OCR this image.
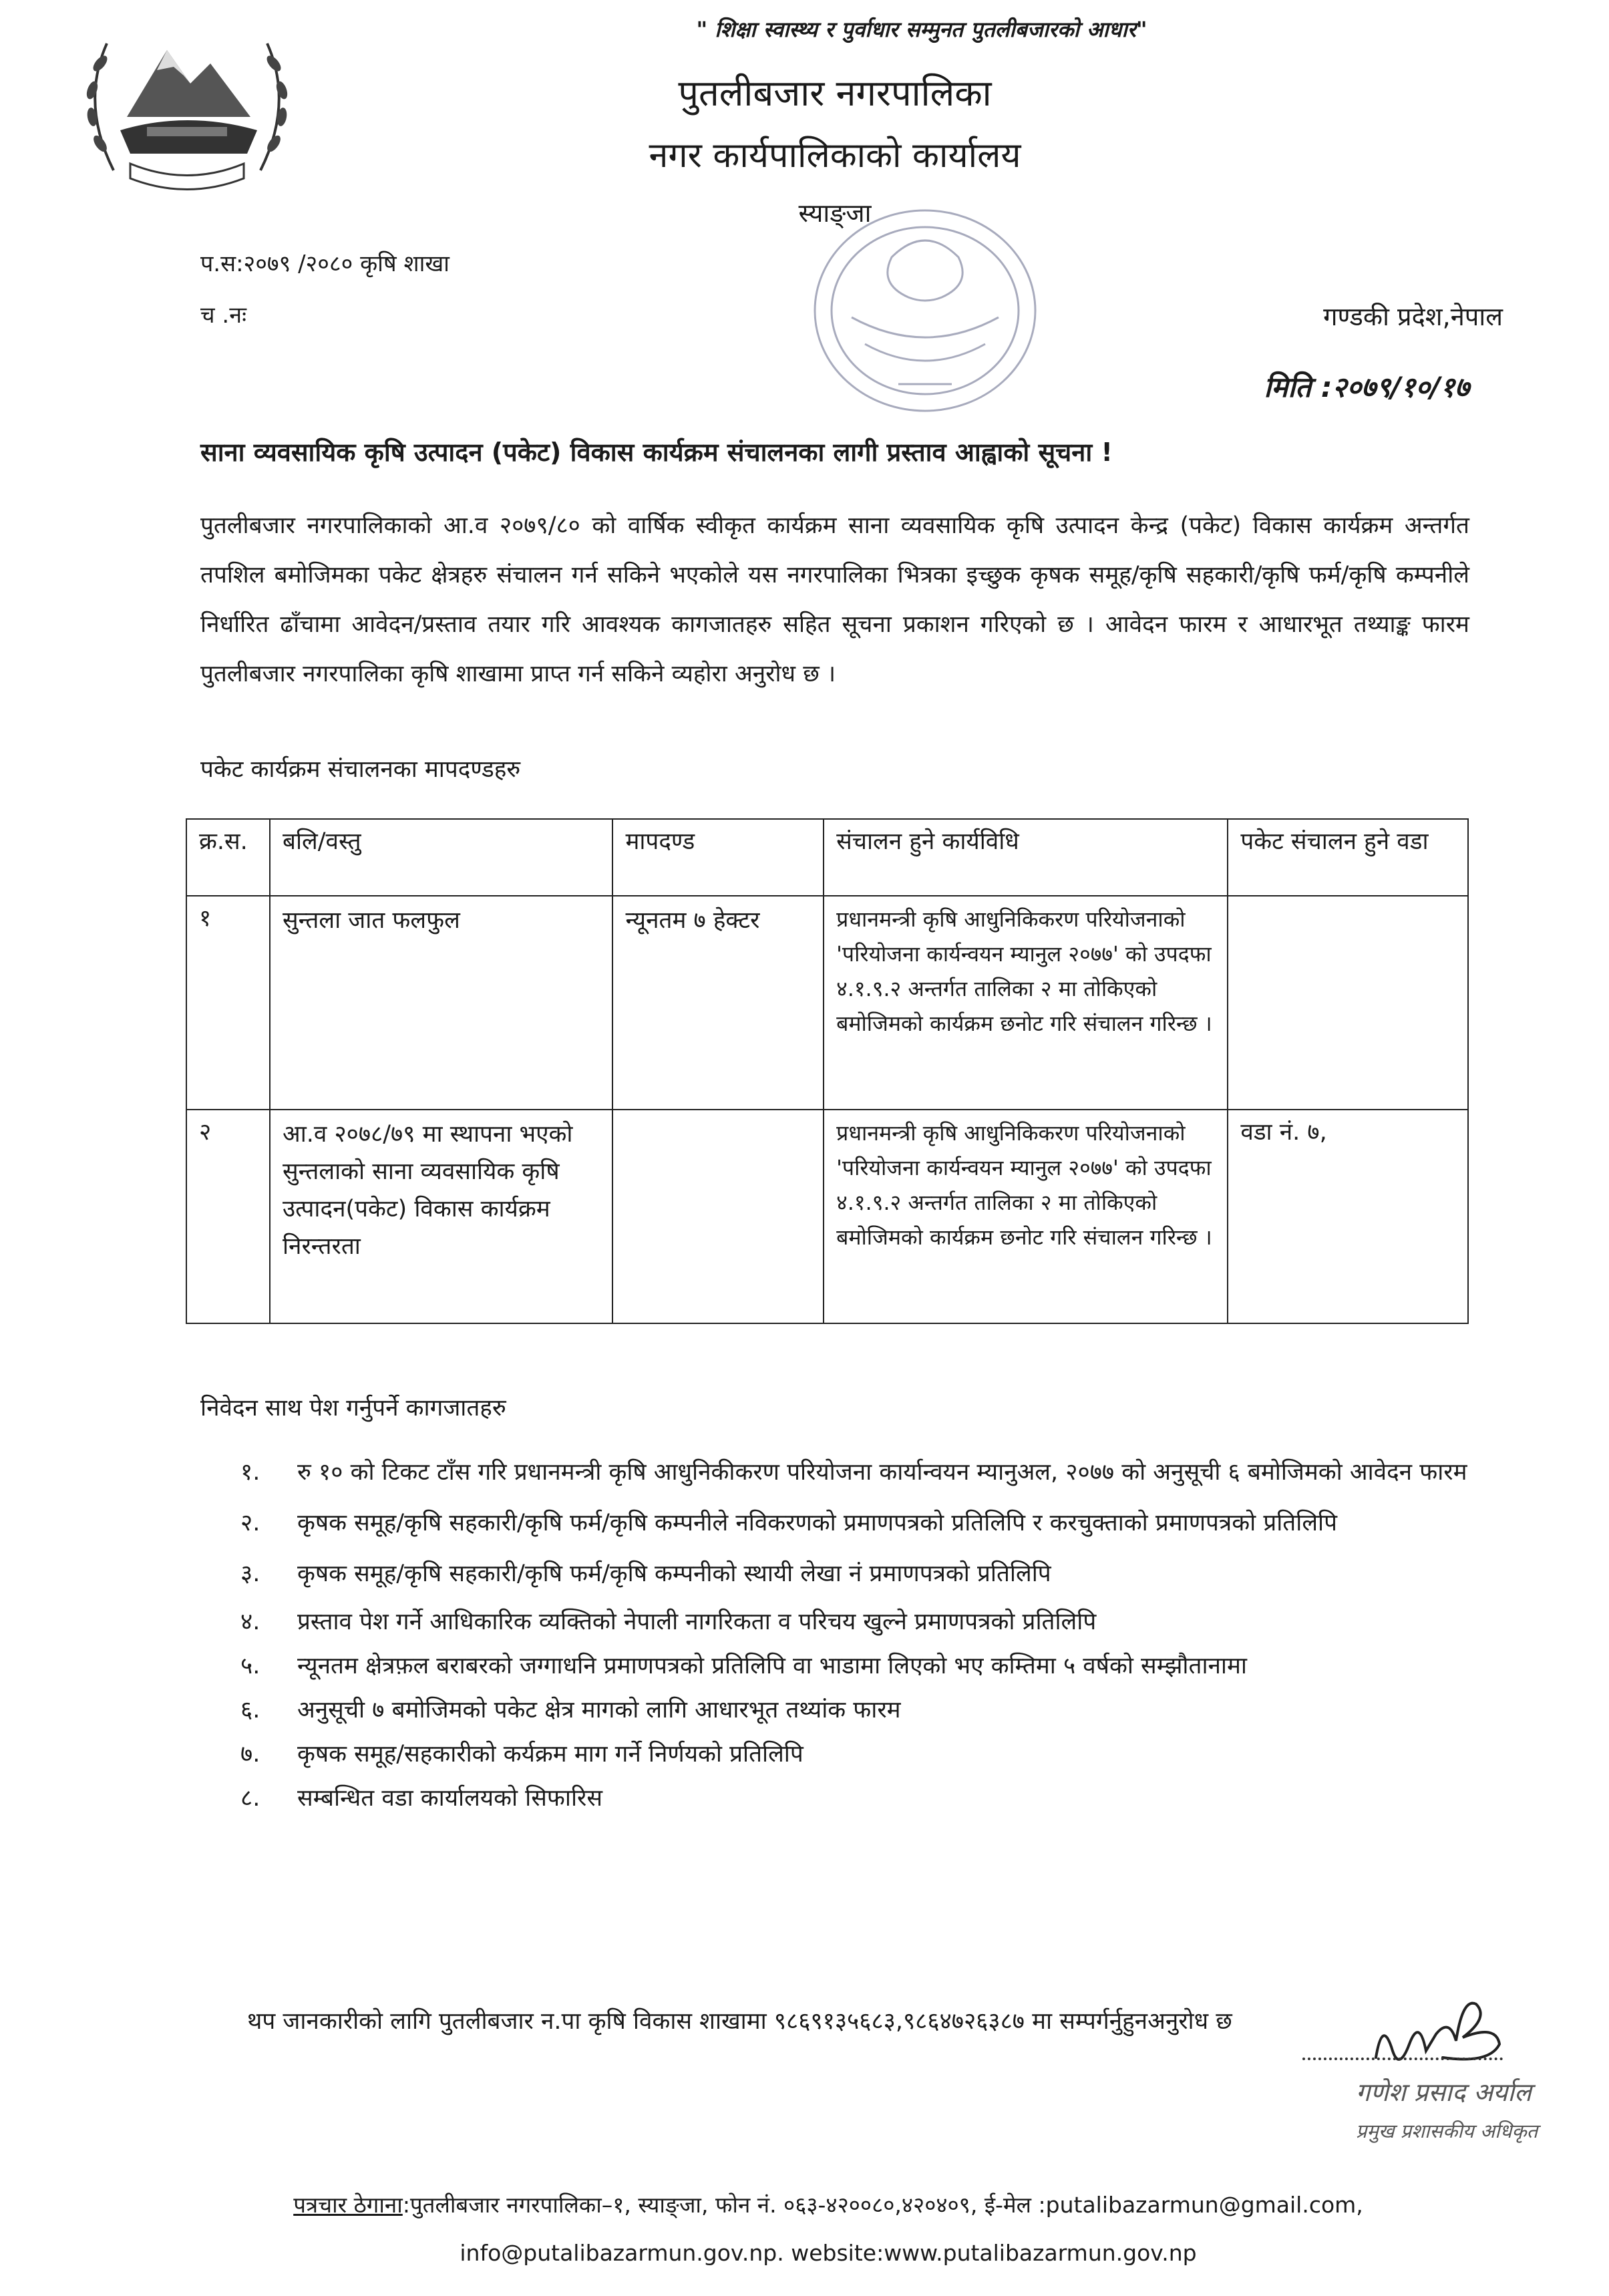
" शिक्षा स्वास्थ्य र पुर्वाधार सम्मुनत पुतलीबजारको आधार"
पुतलीबजार नगरपालिका
नगर कार्यपालिकाको कार्यालय
स्याङ्जा
प.स:२०७९ /२०८० कृषि शाखा
च .नः	गण्डकी प्रदेश,नेपाल
मिति :२०७९/१०/१७
साना व्यवसायिक कृषि उत्पादन (पकेट) विकास कार्यक्रम संचालनका लागी प्रस्ताव आह्वाको सूचना !
पुतलीबजार नगरपालिकाको आ.व २०७९/८० को वार्षिक स्वीकृत कार्यक्रम साना व्यवसायिक कृषि उत्पादन केन्द्र (पकेट) विकास कार्यक्रम अन्तर्गत तपशिल बमोजिमका पकेट क्षेत्रहरु संचालन गर्न सकिने भएकोले यस नगरपालिका भित्रका इच्छुक कृषक समूह/कृषि सहकारी/कृषि फर्म/कृषि कम्पनीले निर्धारित ढाँचामा आवेदन/प्रस्ताव तयार गरि आवश्यक कागजातहरु सहित सूचना प्रकाशन गरिएको छ । आवेदन फारम र आधारभूत तथ्याङ्क फारम पुतलीबजार नगरपालिका कृषि शाखामा प्राप्त गर्न सकिने व्यहोरा अनुरोध छ ।
पकेट कार्यक्रम संचालनका मापदण्डहरु
क्र.स.	बलि/वस्तु	मापदण्ड	संचालन हुने कार्यविधि	पकेट संचालन हुने वडा
१	सुन्तला जात फलफुल	न्यूनतम ७ हेक्टर	प्रधानमन्त्री कृषि आधुनिकिकरण परियोजनाको 'परियोजना कार्यन्वयन म्यानुल २०७७' को उपदफा ४.१.९.२ अन्तर्गत तालिका २ मा तोकिएको बमोजिमको कार्यक्रम छनोट गरि संचालन गरिन्छ ।	
२	आ.व २०७८/७९ मा स्थापना भएको सुन्तलाको साना व्यवसायिक कृषि उत्पादन(पकेट) विकास कार्यक्रम निरन्तरता		प्रधानमन्त्री कृषि आधुनिकिकरण परियोजनाको 'परियोजना कार्यन्वयन म्यानुल २०७७' को उपदफा ४.१.९.२ अन्तर्गत तालिका २ मा तोकिएको बमोजिमको कार्यक्रम छनोट गरि संचालन गरिन्छ ।	वडा नं. ७,
निवेदन साथ पेश गर्नुपर्ने कागजातहरु
१.	रु १० को टिकट टाँस गरि प्रधानमन्त्री कृषि आधुनिकीकरण परियोजना कार्यान्वयन म्यानुअल, २०७७ को अनुसूची ६ बमोजिमको आवेदन फारम
२.	कृषक समूह/कृषि सहकारी/कृषि फर्म/कृषि कम्पनीले नविकरणको प्रमाणपत्रको प्रतिलिपि र करचुक्ताको प्रमाणपत्रको प्रतिलिपि
३.	कृषक समूह/कृषि सहकारी/कृषि फर्म/कृषि कम्पनीको स्थायी लेखा नं प्रमाणपत्रको प्रतिलिपि
४.	प्रस्ताव पेश गर्ने आधिकारिक व्यक्तिको नेपाली नागरिकता व परिचय खुल्ने प्रमाणपत्रको प्रतिलिपि
५.	न्यूनतम क्षेत्रफ़ल बराबरको जग्गाधनि प्रमाणपत्रको प्रतिलिपि वा भाडामा लिएको भए कम्तिमा ५ वर्षको सम्झौतानामा
६.	अनुसूची ७ बमोजिमको पकेट क्षेत्र मागको लागि आधारभूत तथ्यांक फारम
७.	कृषक समूह/सहकारीको कर्यक्रम माग गर्ने निर्णयको प्रतिलिपि
८.	सम्बन्धित वडा कार्यालयको सिफारिस
थप जानकारीको लागि पुतलीबजार न.पा कृषि विकास शाखामा ९८६९१३५६८३,९८६४७२६३८७ मा सम्पर्गर्नुहुनअनुरोध छ
गणेश प्रसाद अर्याल
प्रमुख प्रशासकीय अधिकृत
पत्रचार ठेगाना:पुतलीबजार नगरपालिका–१, स्याङ्जा, फोन नं. ०६३-४२००८०,४२०४०९, ई-मेल :putalibazarmun@gmail.com,
info@putalibazarmun.gov.np. website:www.putalibazarmun.gov.np
